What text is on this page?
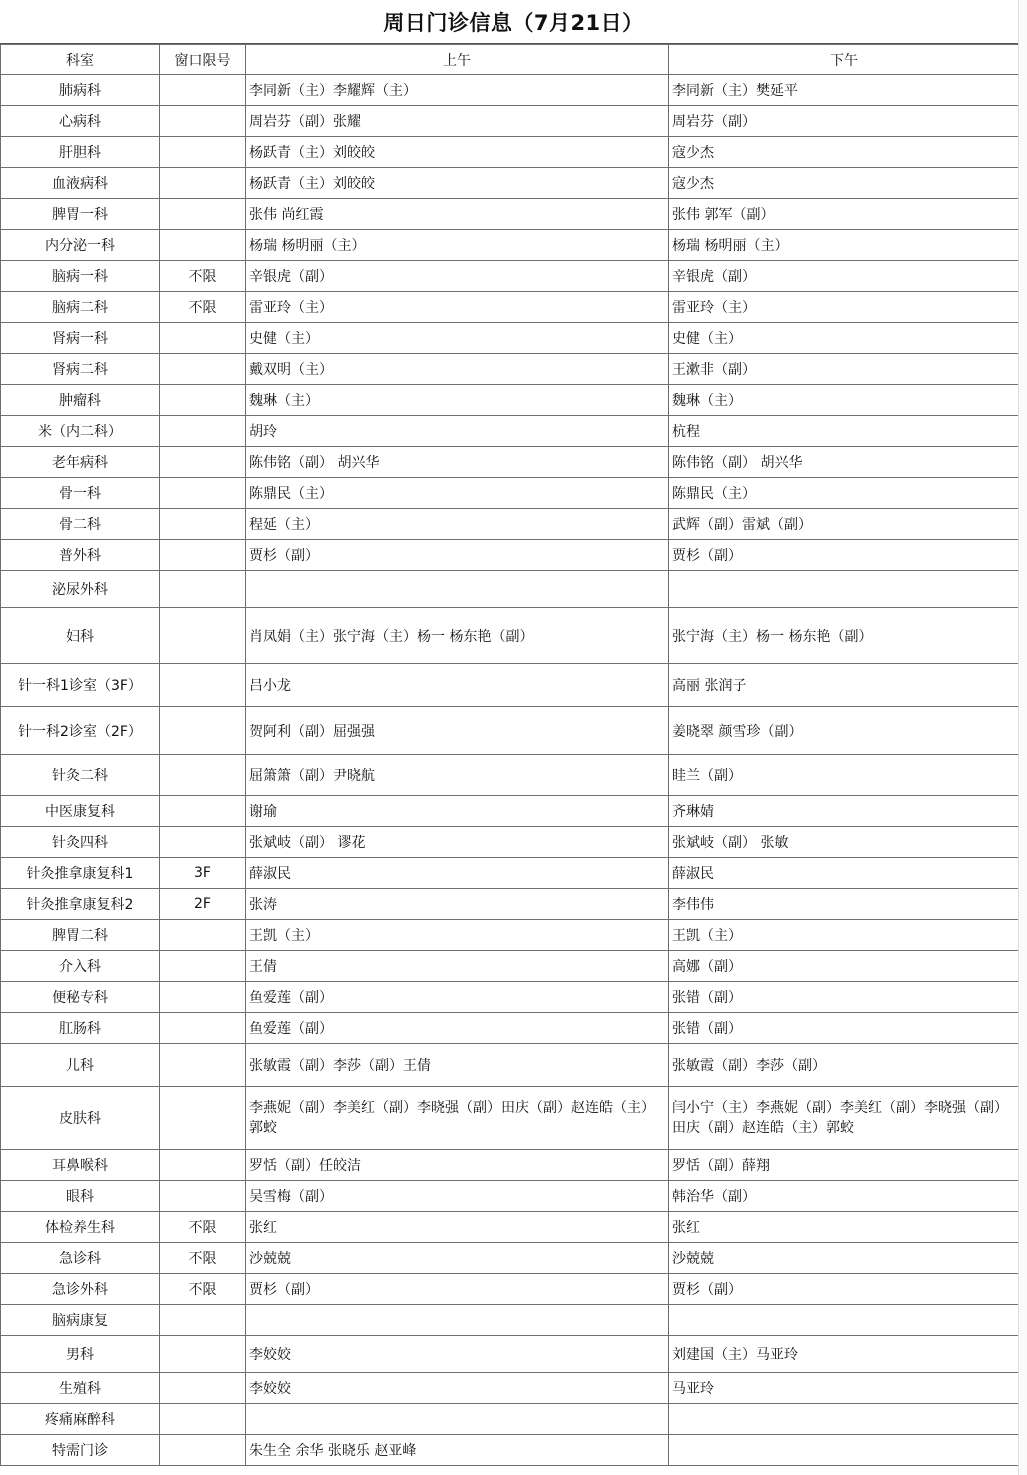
周日门诊信息（7月21日）
科室	窗口限号	上午	下午
肺病科		李同新（主）李耀辉（主）	李同新（主）樊延平
心病科		周岩芬（副）张耀	周岩芬（副）
肝胆科		杨跃青（主）刘皎皎	寇少杰
血液病科		杨跃青（主）刘皎皎	寇少杰
脾胃一科		张伟 尚红霞	张伟 郭军（副）
内分泌一科		杨瑞 杨明丽（主）	杨瑞 杨明丽（主）
脑病一科	不限	辛银虎（副）	辛银虎（副）
脑病二科	不限	雷亚玲（主）	雷亚玲（主）
肾病一科		史健（主）	史健（主）
肾病二科		戴双明（主）	王漱非（副）
肿瘤科		魏琳（主）	魏琳（主）
米（内二科）		胡玲	杭程
老年病科		陈伟铭（副） 胡兴华	陈伟铭（副） 胡兴华
骨一科		陈鼎民（主）	陈鼎民（主）
骨二科		程延（主）	武辉（副）雷斌（副）
普外科		贾杉（副）	贾杉（副）
泌尿外科			
妇科		肖凤娟（主）张宁海（主）杨一 杨东艳（副）	张宁海（主）杨一 杨东艳（副）
针一科1诊室（3F）		吕小龙	高丽 张润子
针一科2诊室（2F）		贺阿利（副）屈强强	姜晓翠 颜雪珍（副）
针灸二科		屈箫箫（副）尹晓航	眭兰（副）
中医康复科		谢瑜	齐琳婧
针灸四科		张斌岐（副） 谬花	张斌岐（副） 张敏
针灸推拿康复科1	3F	薛淑民	薛淑民
针灸推拿康复科2	2F	张涛	李伟伟
脾胃二科		王凯（主）	王凯（主）
介入科		王倩	高娜（副）
便秘专科		鱼爱莲（副）	张错（副）
肛肠科		鱼爱莲（副）	张错（副）
儿科		张敏霞（副）李莎（副）王倩	张敏霞（副）李莎（副）
皮肤科		李燕妮（副）李美红（副）李晓强（副）田庆（副）赵连皓（主）郭蛟	闫小宁（主）李燕妮（副）李美红（副）李晓强（副）田庆（副）赵连皓（主）郭蛟
耳鼻喉科		罗恬（副）任皎洁	罗恬（副）薛翔
眼科		吴雪梅（副）	韩治华（副）
体检养生科	不限	张红	张红
急诊科	不限	沙兢兢	沙兢兢
急诊外科	不限	贾杉（副）	贾杉（副）
脑病康复			
男科		李姣姣	刘建国（主）马亚玲
生殖科		李姣姣	马亚玲
疼痛麻醉科			
特需门诊		朱生全 余华 张晓乐 赵亚峰	
